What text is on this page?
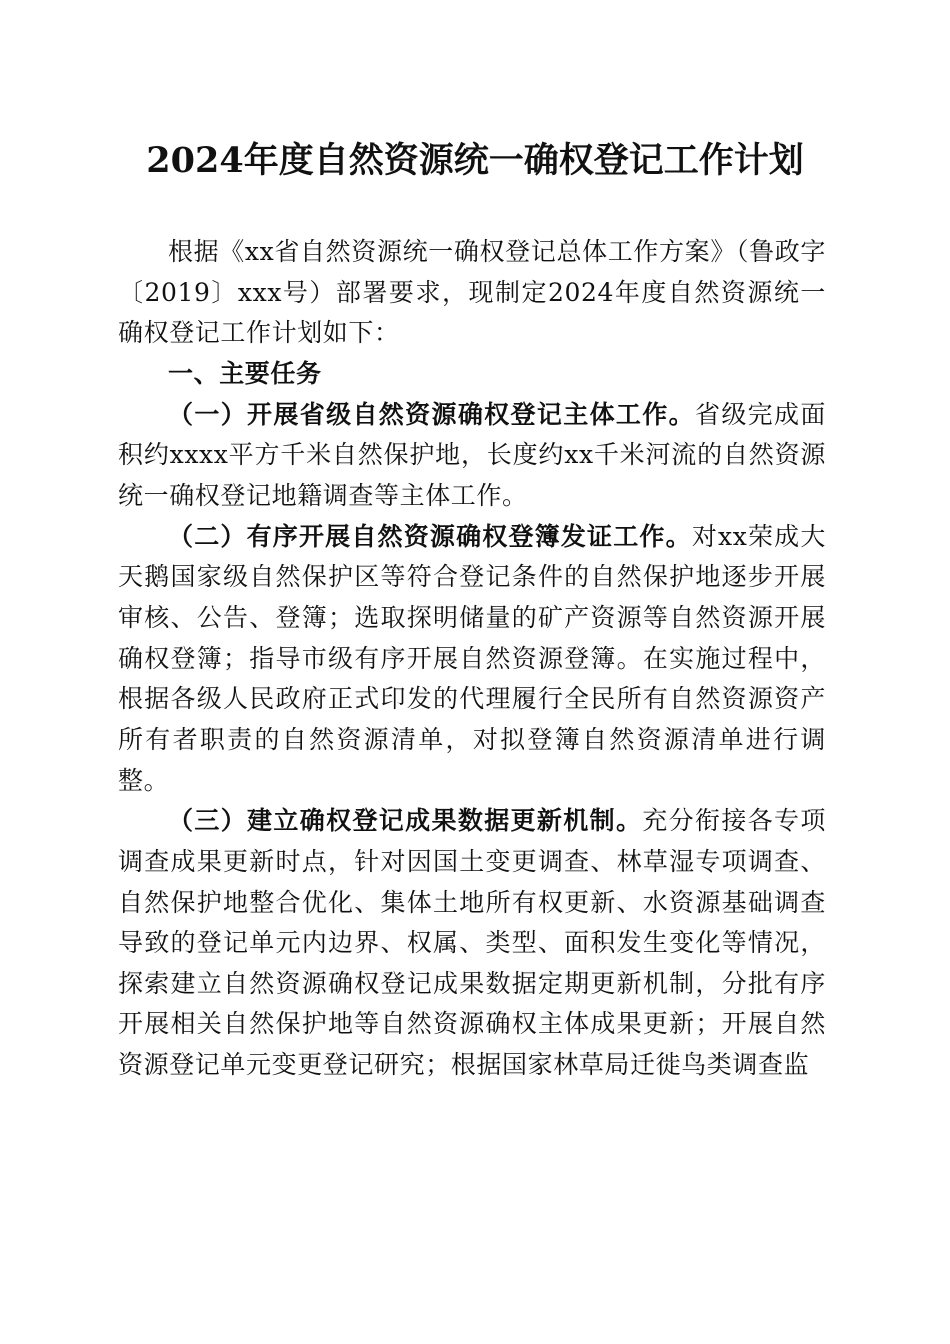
2024年度自然资源统一确权登记工作计划

根据《xx省自然资源统一确权登记总体工作方案》（鲁政字〔2019〕xxx号）部署要求，现制定2024年度自然资源统一确权登记工作计划如下：

一、主要任务

（一）开展省级自然资源确权登记主体工作。省级完成面积约xxxx平方千米自然保护地，长度约xx千米河流的自然资源统一确权登记地籍调查等主体工作。

（二）有序开展自然资源确权登簿发证工作。对xx荣成大天鹅国家级自然保护区等符合登记条件的自然保护地逐步开展审核、公告、登簿；选取探明储量的矿产资源等自然资源开展确权登簿；指导市级有序开展自然资源登簿。在实施过程中，根据各级人民政府正式印发的代理履行全民所有自然资源资产所有者职责的自然资源清单，对拟登簿自然资源清单进行调整。

（三）建立确权登记成果数据更新机制。充分衔接各专项调查成果更新时点，针对因国土变更调查、林草湿专项调查、自然保护地整合优化、集体土地所有权更新、水资源基础调查导致的登记单元内边界、权属、类型、面积发生变化等情况，探索建立自然资源确权登记成果数据定期更新机制，分批有序开展相关自然保护地等自然资源确权主体成果更新；开展自然资源登记单元变更登记研究；根据国家林草局迁徙鸟类调查监
